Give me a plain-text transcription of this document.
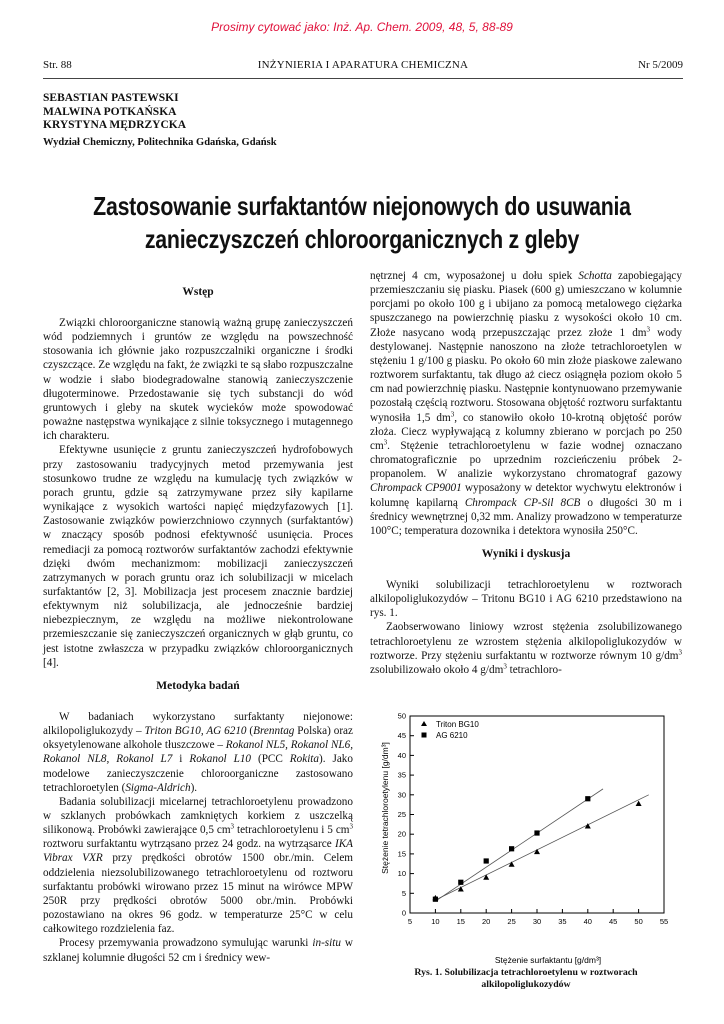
Prosimy cytować jako: Inż. Ap. Chem. 2009, 48, 5, 88-89
INŻYNIERIA I APARATURA CHEMICZNA
Str. 88	Nr 5/2009
SEBASTIAN PASTEWSKI
MALWINA POTKAŃSKA
KRYSTYNA MĘDRZYCKA
Wydział Chemiczny, Politechnika Gdańska, Gdańsk
Zastosowanie surfaktantów niejonowych do usuwania
zanieczyszczeń chloroorganicznych z gleby
Wstęp

Związki chloroorganiczne stanowią ważną grupę zanieczyszczeń wód podziemnych i gruntów ze względu na powszechność stosowania ich głównie jako rozpuszczalniki organiczne i środki czyszczące. Ze względu na fakt, że związki te są słabo rozpuszczalne w wodzie i słabo biodegradowalne stanowią zanieczyszczenie długoterminowe. Przedostawanie się tych substancji do wód gruntowych i gleby na skutek wycieków może spowodować poważne następstwa wynikające z silnie toksycznego i mutagennego ich charakteru.

Efektywne usunięcie z gruntu zanieczyszczeń hydrofobowych przy zastosowaniu tradycyjnych metod przemywania jest stosunkowo trudne ze względu na kumulację tych związków w porach gruntu, gdzie są zatrzymywane przez siły kapilarne wynikające z wysokich wartości napięć międzyfazowych [1]. Zastosowanie związków powierzchniowo czynnych (surfaktantów) w znaczący sposób podnosi efektywność usunięcia. Proces remediacji za pomocą roztworów surfaktantów zachodzi efektywnie dzięki dwóm mechanizmom: mobilizacji zanieczyszczeń zatrzymanych w porach gruntu oraz ich solubilizacji w micelach surfaktantów [2, 3]. Mobilizacja jest procesem znacznie bardziej efektywnym niż solubilizacja, ale jednocześnie bardziej niebezpiecznym, ze względu na możliwe niekontrolowane przemieszczanie się zanieczyszczeń organicznych w głąb gruntu, co jest istotne zwłaszcza w przypadku związków chloroorganicznych [4].

Metodyka badań

W badaniach wykorzystano surfaktanty niejonowe: alkilopoliglukozydy – Triton BG10, AG 6210 (Brenntag Polska) oraz oksyetylenowane alkohole tłuszczowe – Rokanol NL5, Rokanol NL6, Rokanol NL8, Rokanol L7 i Rokanol L10 (PCC Rokita). Jako modelowe zanieczyszczenie chloroorganiczne zastosowano tetrachloroetylen (Sigma-Aldrich).

Badania solubilizacji micelarnej tetrachloroetylenu prowadzono w szklanych probówkach zamkniętych korkiem z uszczelką silikonową. Probówki zawierające 0,5 $cm^3$ tetrachloroetylenu i 5 $cm^3$ roztworu surfaktantu wytrząsano przez 24 godz. na wytrząsarce IKA Vibrax VXR przy prędkości obrotów 1500 obr./min. Celem oddzielenia niezsolubilizowanego tetrachloroetylenu od roztworu surfaktantu probówki wirowano przez 15 minut na wirówce MPW 250R przy prędkości obrotów 5000 obr./min. Probówki pozostawiano na okres 96 godz. w temperaturze 25°C w celu całkowitego rozdzielenia faz.

Procesy przemywania prowadzono symulując warunki in-situ w szklanej kolumnie długości 52 cm i średnicy wew-

nętrznej 4 cm, wyposażonej u dołu spiek Schotta zapobiegający przemieszczaniu się piasku. Piasek (600 g) umieszczano w kolumnie porcjami po około 100 g i ubijano za pomocą metalowego ciężarka spuszczanego na powierzchnię piasku z wysokości około 10 cm. Złoże nasycano wodą przepuszczając przez złoże 1 $dm^3$ wody destylowanej. Następnie nanoszono na złoże tetrachloroetylen w stężeniu 1 g/100 g piasku. Po około 60 min złoże piaskowe zalewano roztworem surfaktantu, tak długo aż ciecz osiągnęła poziom około 5 cm nad powierzchnię piasku. Następnie kontynuowano przemywanie pozostałą częścią roztworu. Stosowana objętość roztworu surfaktantu wynosiła 1,5 $dm^3$, co stanowiło około 10-krotną objętość porów złoża. Ciecz wypływającą z kolumny zbierano w porcjach po 250 $cm^3$. Stężenie tetrachloroetylenu w fazie wodnej oznaczano chromatograficznie po uprzednim rozcieńczeniu próbek 2-propanolem. W analizie wykorzystano chromatograf gazowy Chrompack CP9001 wyposażony w detektor wychwytu elektronów i kolumnę kapilarną Chrompack CP-Sil 8CB o długości 30 m i średnicy wewnętrznej 0,32 mm. Analizy prowadzono w temperaturze 100°C; temperatura dozownika i detektora wynosiła 250°C.

Wyniki i dyskusja

Wyniki solubilizacji tetrachloroetylenu w roztworach alkilopoliglukozydów – Tritonu BG10 i AG 6210 przedstawiono na rys. 1.

Zaobserwowano liniowy wzrost stężenia zsolubilizowanego tetrachloroetylenu ze wzrostem stężenia alkilopoliglukozydów w roztworze. Przy stężeniu surfaktantu w roztworze równym 10 $g/dm^3$ zsolubilizowało około 4 $g/dm^3$ tetrachloro-

5	10 15 20 25 30 35 40 45 50 55
0
5
10
15
20
25
30
35
40
45
50
Triton BG10
AG 6210
Stężenie surfaktantu [g/dm³]
Stężenie tetrachloroetylenu [g/dm³]
Rys. 1. Solubilizacja tetrachloroetylenu w roztworach alkilopoliglukozydów
